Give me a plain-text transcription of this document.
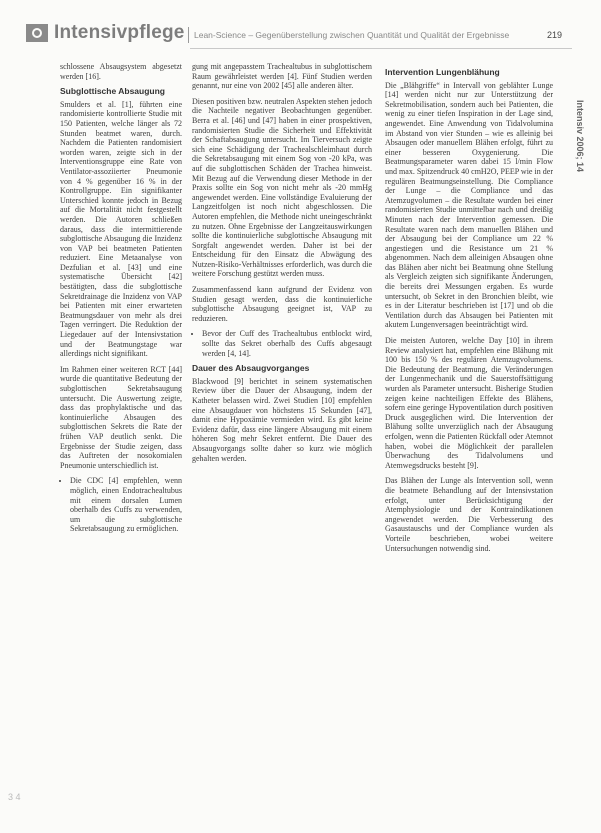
Intensivpflege Lean-Science – Gegenüberstellung zwischen Quantität und Qualität der Ergebnisse	219
Intensiv 2006; 14

schlossene Absaugsystem abgesetzt werden [16].

Subglottische Absaugung

Smulders et al. [1], führten eine randomisierte kontrollierte Studie mit 150 Patienten, welche länger als 72 Stunden beatmet waren, durch. Nachdem die Patienten randomisiert worden waren, zeigte sich in der Interventionsgruppe eine Rate von Ventilator-assoziierter Pneumonie von 4 % gegenüber 16 % in der Kontrollgruppe. Ein signifikanter Unterschied konnte jedoch in Bezug auf die Mortalität nicht festgestellt werden. Die Autoren schließen daraus, dass die intermittierende subglottische Absaugung die Inzidenz von VAP bei beatmeten Patienten reduziert. Eine Metaanalyse von Dezfulian et al. [43] und eine systematische Übersicht [42] bestätigten, dass die subglottische Sekretdrainage die Inzidenz von VAP bei Patienten mit einer erwarteten Beatmungsdauer von mehr als drei Tagen verringert. Die Reduktion der Liegedauer auf der Intensivstation und der Beatmungstage war allerdings nicht signifikant.

Im Rahmen einer weiteren RCT [44] wurde die quantitative Bedeutung der subglottischen Sekretabsaugung untersucht. Die Auswertung zeigte, dass das prophylaktische und das kontinuierliche Absaugen des subglottischen Sekrets die Rate der frühen VAP deutlich senkt. Die Ergebnisse der Studie zeigen, dass das Auftreten der nosokomialen Pneumonie unterschiedlich ist.

• Die CDC [4] empfehlen, wenn möglich, einen Endotrachealtubus mit einem dorsalen Lumen oberhalb des Cuffs zu verwenden, um die subglottische Sekretabsaugung zu ermöglichen.

gung mit angepasstem Trachealtubus in subglottischem Raum gewährleistet werden [4]. Fünf Studien werden genannt, nur eine von 2002 [45] alle anderen älter.

Diesen positiven bzw. neutralen Aspekten stehen jedoch die Nachteile negativer Beobachtungen gegenüber. Berra et al. [46] und [47] haben in einer prospektiven, randomisierten Studie die Sicherheit und Effektivität der Schaftabsaugung untersucht. Im Tierversuch zeigte sich eine Schädigung der Trachealschleimhaut durch die Sekretabsaugung mit einem Sog von -20 kPa, was auf die subglottischen Schäden der Trachea hinweist. Mit Bezug auf die Verwendung dieser Methode in der Praxis sollte ein Sog von nicht mehr als -20 mmHg angewendet werden. Eine vollständige Evaluierung der Langzeitfolgen ist noch nicht abgeschlossen. Die Autoren empfehlen, die Methode nicht uneingeschränkt zu nutzen. Ohne Ergebnisse der Langzeitauswirkungen sollte die kontinuierliche subglottische Absaugung mit Sorgfalt angewendet werden. Daher ist bei der Entscheidung für den Einsatz die Abwägung des Nutzen-Risiko-Verhältnisses erforderlich, was durch die weitere Forschung gestützt werden muss.

Zusammenfassend kann aufgrund der Evidenz von Studien gesagt werden, dass die kontinuierliche subglottische Absaugung geeignet ist, VAP zu reduzieren.

• Bevor der Cuff des Trachealtubus entblockt wird, sollte das Sekret oberhalb des Cuffs abgesaugt werden [4, 14].
Dauer des Absaugvorganges

Blackwood [9] berichtet in seinem systematischen Review über die Dauer der Absaugung, indem der Katheter belassen wird. Zwei Studien [10] empfehlen eine Absaugdauer von höchstens 15 Sekunden [47], damit eine Hypoxämie vermieden wird. Es gibt keine Evidenz dafür, dass eine längere Absaugung mit einem höheren Sog mehr Sekret entfernt. Die Dauer des Absaugvorgangs sollte daher so kurz wie möglich gehalten werden.

Intervention Lungenblähung

Die „Blähgriffe“ in Intervall von geblähter Lunge [14] werden nicht nur zur Unterstützung der Sekretmobilisation, sondern auch bei Patienten, die wenig zu einer tiefen Inspiration in der Lage sind, angewendet. Eine Anwendung von Tidalvolumina im Abstand von vier Stunden – wie es alleinig bei Absaugen oder manuellem Blähen erfolgt, führt zu einer besseren Oxygenierung. Die Beatmungsparameter waren dabei 15 l/min Flow und max. Spitzendruck 40 cmH2O, PEEP wie in der regulären Beatmungseinstellung. Die Compliance der Lunge – die Compliance und das Atemzugvolumen – die Resultate wurden bei einer randomisierten Studie unmittelbar nach und dreißig Minuten nach der Intervention gemessen. Die Resultate waren nach dem manuellen Blähen und der Absaugung bei der Compliance um 22 % angestiegen und die Resistance um 21 % abgenommen. Nach dem alleinigen Absaugen ohne das Blähen aber nicht bei Beatmung ohne Stellung als Vergleich zeigten sich signifikante Änderungen, die bereits drei Messungen ergaben. Es wurde untersucht, ob Sekret in den Bronchien bleibt, wie es in der Literatur beschrieben ist [17] und ob die Ventilation durch das Absaugen bei Patienten mit akutem Lungenversagen beeinträchtigt wird.

Die meisten Autoren, welche Day [10] in ihrem Review analysiert hat, empfehlen eine Blähung mit 100 bis 150 % des regulären Atemzugvolumens. Die Bedeutung der Beatmung, die Veränderungen der Lungenmechanik und die Sauerstoffsättigung wurden als Parameter untersucht. Bisherige Studien zeigen keine nachteiligen Effekte des Blähens, sofern eine geringe Hypoventilation durch positiven Druck ausgeglichen wird. Die Intervention der Blähung sollte unverzüglich nach der Absaugung erfolgen, wenn die Patienten Rückfall oder Atemnot haben, wobei die Möglichkeit der parallelen Überwachung des Tidalvolumens und Atemwegsdrucks besteht [9].

Das Blähen der Lunge als Intervention soll, wenn die beatmete Behandlung auf der Intensivstation erfolgt, unter Berücksichtigung der Atemphysiologie und der Kontraindikationen angewendet werden. Die Verbesserung des Gasaustauschs und der Compliance wurden als Vorteile beschrieben, wobei weitere Untersuchungen notwendig sind.

3 4
